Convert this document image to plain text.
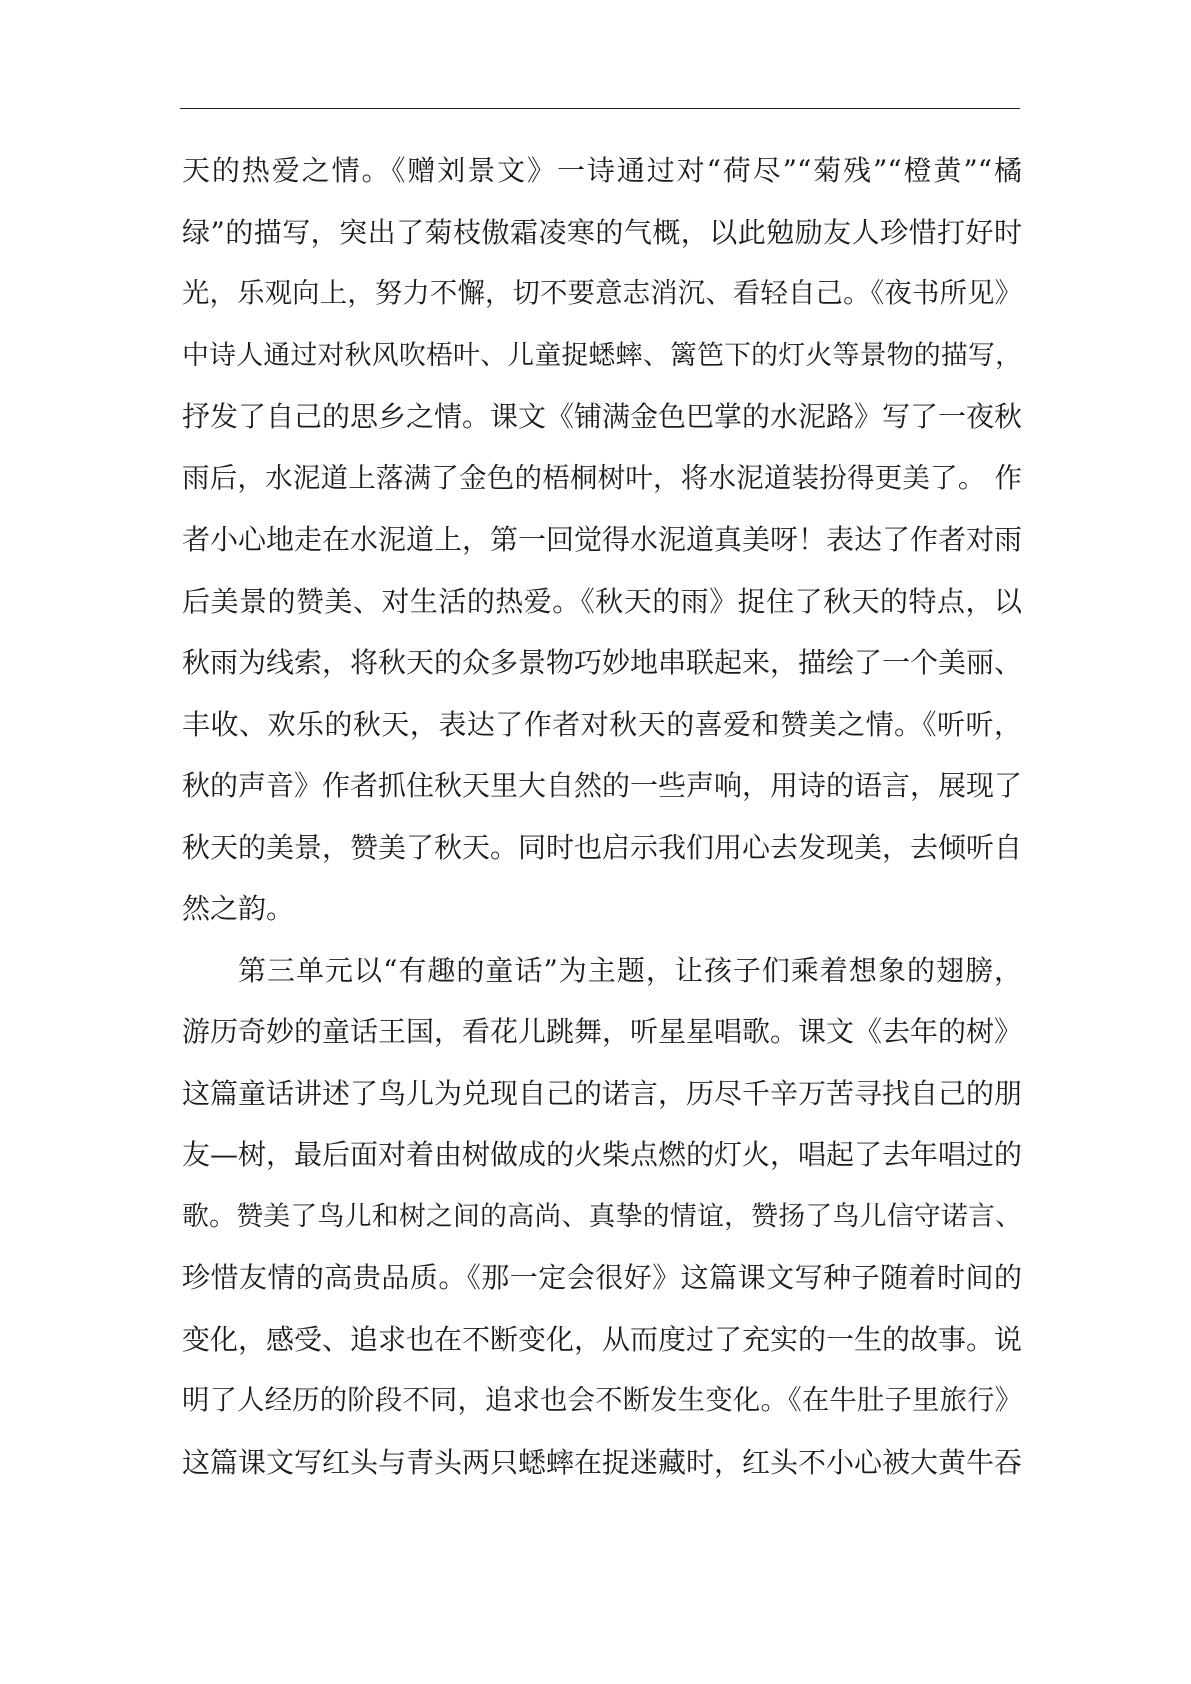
天的热爱之情。《赠刘景文》一诗通过对“荷尽”“菊残”“橙黄”“橘
绿”的描写，突出了菊枝傲霜凌寒的气概，以此勉励友人珍惜打好时
光，乐观向上，努力不懈，切不要意志消沉、看轻自己。《夜书所见》
中诗人通过对秋风吹梧叶、儿童捉蟋蟀、篱笆下的灯火等景物的描写，
抒发了自己的思乡之情。课文《铺满金色巴掌的水泥路》写了一夜秋
雨后，水泥道上落满了金色的梧桐树叶，将水泥道装扮得更美了。 作
者小心地走在水泥道上，第一回觉得水泥道真美呀！表达了作者对雨
后美景的赞美、对生活的热爱。《秋天的雨》捉住了秋天的特点，以
秋雨为线索，将秋天的众多景物巧妙地串联起来，描绘了一个美丽、
丰收、欢乐的秋天，表达了作者对秋天的喜爱和赞美之情。《听听，
秋的声音》作者抓住秋天里大自然的一些声响，用诗的语言，展现了
秋天的美景，赞美了秋天。同时也启示我们用心去发现美，去倾听自
然之韵。
第三单元以“有趣的童话”为主题，让孩子们乘着想象的翅膀，
游历奇妙的童话王国，看花儿跳舞，听星星唱歌。课文《去年的树》
这篇童话讲述了鸟儿为兑现自己的诺言，历尽千辛万苦寻找自己的朋
友—树，最后面对着由树做成的火柴点燃的灯火，唱起了去年唱过的
歌。赞美了鸟儿和树之间的高尚、真挚的情谊，赞扬了鸟儿信守诺言、
珍惜友情的高贵品质。《那一定会很好》这篇课文写种子随着时间的
变化，感受、追求也在不断变化，从而度过了充实的一生的故事。说
明了人经历的阶段不同，追求也会不断发生变化。《在牛肚子里旅行》
这篇课文写红头与青头两只蟋蟀在捉迷藏时，红头不小心被大黄牛吞
